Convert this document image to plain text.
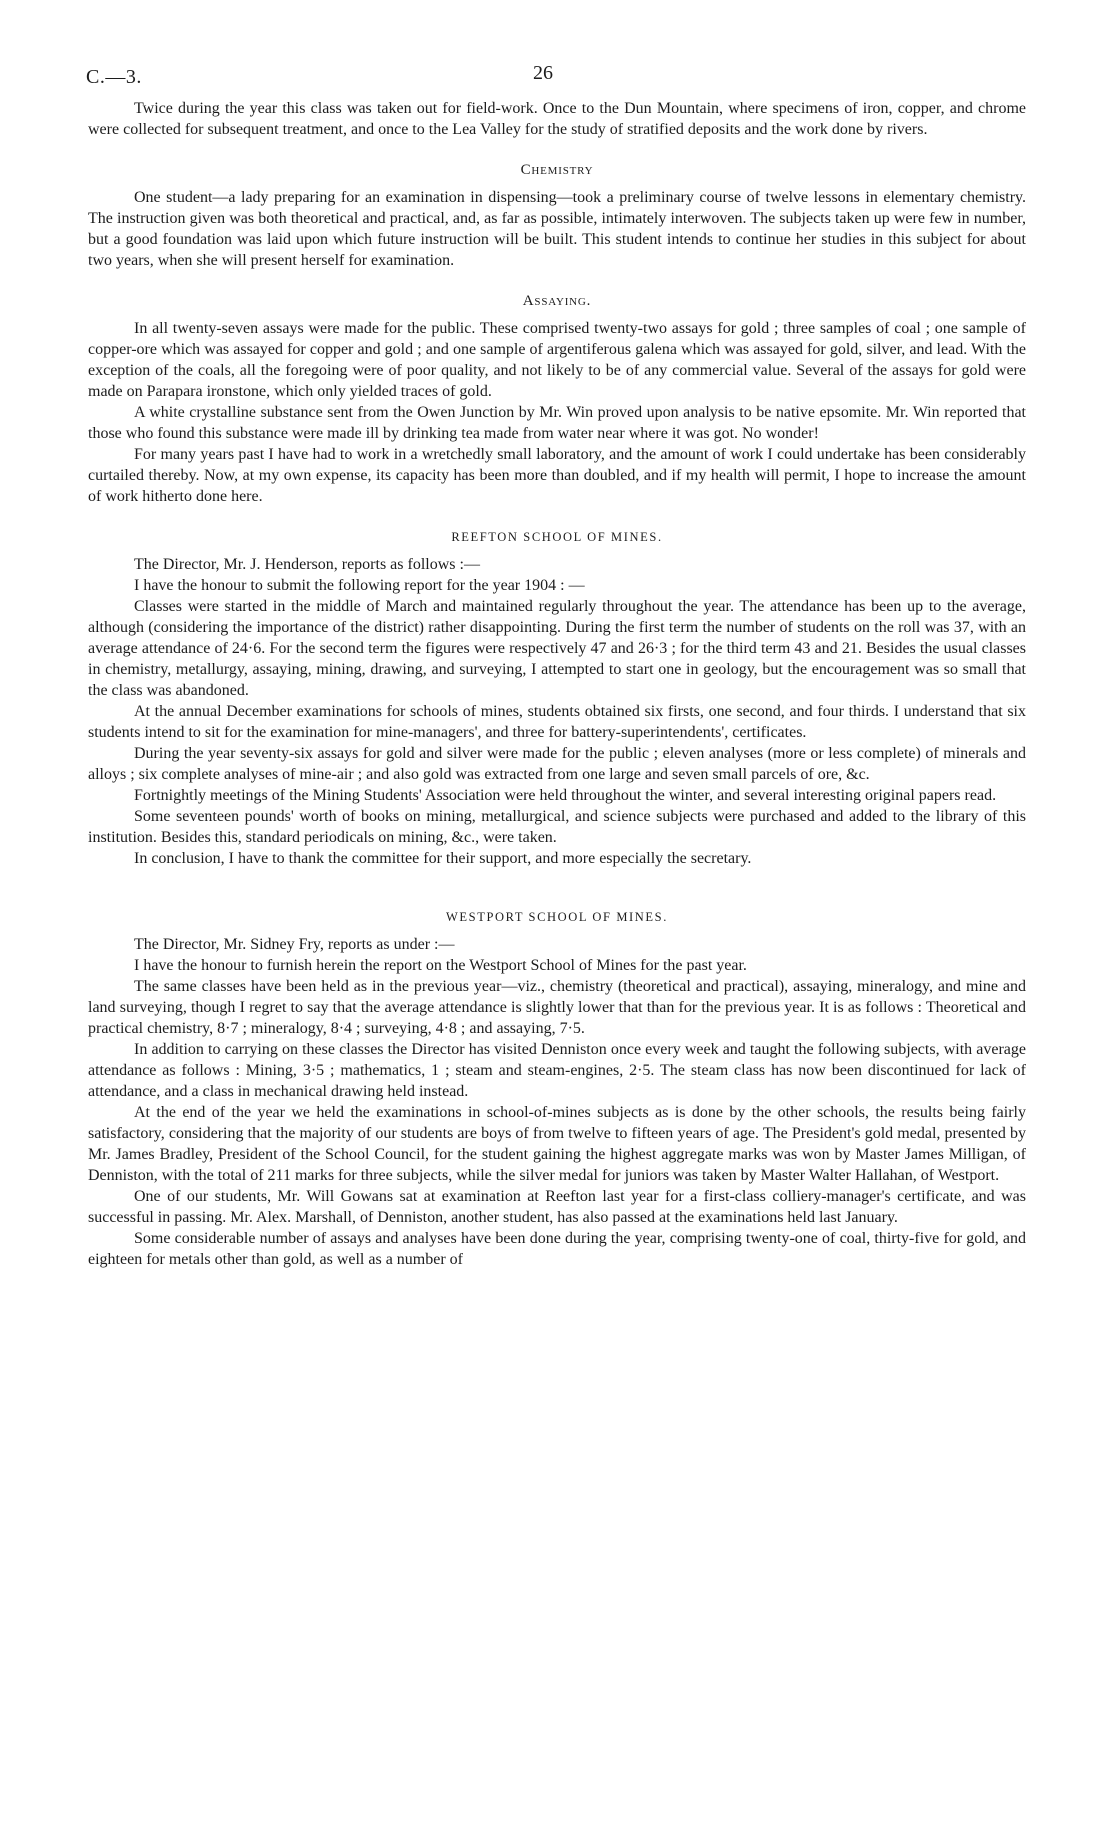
C.—3.	26

Twice during the year this class was taken out for field-work. Once to the Dun Mountain, where specimens of iron, copper, and chrome were collected for subsequent treatment, and once to the Lea Valley for the study of stratified deposits and the work done by rivers.

Chemistry

One student—a lady preparing for an examination in dispensing—took a preliminary course of twelve lessons in elementary chemistry. The instruction given was both theoretical and practical, and, as far as possible, intimately interwoven. The subjects taken up were few in number, but a good foundation was laid upon which future instruction will be built. This student intends to continue her studies in this subject for about two years, when she will present herself for examination.

Assaying.

In all twenty-seven assays were made for the public. These comprised twenty-two assays for gold ; three samples of coal ; one sample of copper-ore which was assayed for copper and gold ; and one sample of argentiferous galena which was assayed for gold, silver, and lead. With the exception of the coals, all the foregoing were of poor quality, and not likely to be of any commercial value. Several of the assays for gold were made on Parapara ironstone, which only yielded traces of gold.

A white crystalline substance sent from the Owen Junction by Mr. Win proved upon analysis to be native epsomite. Mr. Win reported that those who found this substance were made ill by drinking tea made from water near where it was got. No wonder!

For many years past I have had to work in a wretchedly small laboratory, and the amount of work I could undertake has been considerably curtailed thereby. Now, at my own expense, its capacity has been more than doubled, and if my health will permit, I hope to increase the amount of work hitherto done here.

REEFTON SCHOOL OF MINES.

The Director, Mr. J. Henderson, reports as follows :—

I have the honour to submit the following report for the year 1904 : —

Classes were started in the middle of March and maintained regularly throughout the year. The attendance has been up to the average, although (considering the importance of the district) rather disappointing. During the first term the number of students on the roll was 37, with an average attendance of 24·6. For the second term the figures were respectively 47 and 26·3 ; for the third term 43 and 21. Besides the usual classes in chemistry, metallurgy, assaying, mining, drawing, and surveying, I attempted to start one in geology, but the encouragement was so small that the class was abandoned.

At the annual December examinations for schools of mines, students obtained six firsts, one second, and four thirds. I understand that six students intend to sit for the examination for mine-managers', and three for battery-superintendents', certificates.

During the year seventy-six assays for gold and silver were made for the public ; eleven analyses (more or less complete) of minerals and alloys ; six complete analyses of mine-air ; and also gold was extracted from one large and seven small parcels of ore, &c.

Fortnightly meetings of the Mining Students' Association were held throughout the winter, and several interesting original papers read.

Some seventeen pounds' worth of books on mining, metallurgical, and science subjects were purchased and added to the library of this institution. Besides this, standard periodicals on mining, &c., were taken.

In conclusion, I have to thank the committee for their support, and more especially the secretary.

WESTPORT SCHOOL OF MINES.

The Director, Mr. Sidney Fry, reports as under :—

I have the honour to furnish herein the report on the Westport School of Mines for the past year.

The same classes have been held as in the previous year—viz., chemistry (theoretical and practical), assaying, mineralogy, and mine and land surveying, though I regret to say that the average attendance is slightly lower that than for the previous year. It is as follows : Theoretical and practical chemistry, 8·7 ; mineralogy, 8·4 ; surveying, 4·8 ; and assaying, 7·5.

In addition to carrying on these classes the Director has visited Denniston once every week and taught the following subjects, with average attendance as follows : Mining, 3·5 ; mathematics, 1 ; steam and steam-engines, 2·5. The steam class has now been discontinued for lack of attendance, and a class in mechanical drawing held instead.

At the end of the year we held the examinations in school-of-mines subjects as is done by the other schools, the results being fairly satisfactory, considering that the majority of our students are boys of from twelve to fifteen years of age. The President's gold medal, presented by Mr. James Bradley, President of the School Council, for the student gaining the highest aggregate marks was won by Master James Milligan, of Denniston, with the total of 211 marks for three subjects, while the silver medal for juniors was taken by Master Walter Hallahan, of Westport.

One of our students, Mr. Will Gowans sat at examination at Reefton last year for a first-class colliery-manager's certificate, and was successful in passing. Mr. Alex. Marshall, of Denniston, another student, has also passed at the examinations held last January.

Some considerable number of assays and analyses have been done during the year, comprising twenty-one of coal, thirty-five for gold, and eighteen for metals other than gold, as well as a number of
